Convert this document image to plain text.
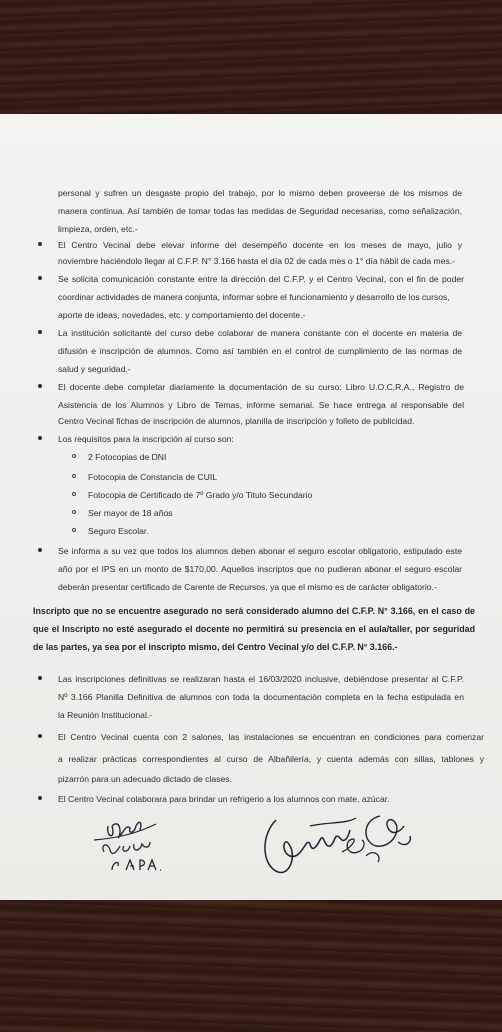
personal y sufren un desgaste propio del trabajo, por lo mismo deben proveerse de los mismos de
manera continua. Así también de tomar todas las medidas de Seguridad necesarias, como señalización,
limpieza, orden, etc.-
El Centro Vecinal debe elevar informe del desempeño docente en los meses de mayo, julio y
noviembre haciéndolo llegar al C.F.P. N° 3.166 hasta el día 02 de cada mes o 1° día hábil de cada mes.-
Se solicita comunicación constante entre la dirección del C.F.P. y el Centro Vecinal, con el fin de poder
coordinar actividades de manera conjunta, informar sobre el funcionamiento y desarrollo de los cursos,
aporte de ideas, novedades, etc. y comportamiento del docente.-
La institución solicitante del curso debe colaborar de manera constante con el docente en materia de
difusión e inscripción de alumnos. Como así también en el control de cumplimiento de las normas de
salud y seguridad.-
El docente debe completar diariamente la documentación de su curso: Libro U.O.C.R.A., Registro de
Asistencia de los Alumnos y Libro de Temas, informe semanal. Se hace entrega al responsable del
Centro Vecinal fichas de inscripción de alumnos, planilla de inscripción y folleto de publicidad.
Los requisitos para la inscripción al curso son:
2 Fotocopias de DNI
Fotocopia de Constancia de CUIL
Fotocopia de Certificado de 7º Grado y/o Titulo Secundario
Ser mayor de 18 años
Seguro Escolar.
Se informa a su vez que todos los alumnos deben abonar el seguro escolar obligatorio, estipulado este
año por el IPS en un monto de $170,00. Aquellos inscriptos que no pudieran abonar el seguro escolar
deberán presentar certificado de Carente de Recursos, ya que el mismo es de carácter obligatorio.-
Inscripto que no se encuentre asegurado no será considerado alumno del C.F.P. N° 3.166, en el caso de
que el Inscripto no esté asegurado el docente no permitirá su presencia en el aula/taller, por seguridad
de las partes, ya sea por el inscripto mismo, del Centro Vecinal y/o del C.F.P. N° 3.166.-
Las inscripciones definitivas se realizaran hasta el 16/03/2020 inclusive, debiéndose presentar al C.F.P.
Nº 3.166 Planilla Definitiva de alumnos con toda la documentación completa en la fecha estipulada en
la Reunión Institucional.-
El Centro Vecinal cuenta con 2 salones, las instalaciones se encuentran en condiciones para comenzar
a realizar prácticas correspondientes al curso de Albañilería, y cuenta además con sillas, tablones y
pizarrón para un adecuado dictado de clases.
El Centro Vecinal colaborara para brindar un refrigerio a los alumnos con mate, azúcar.
